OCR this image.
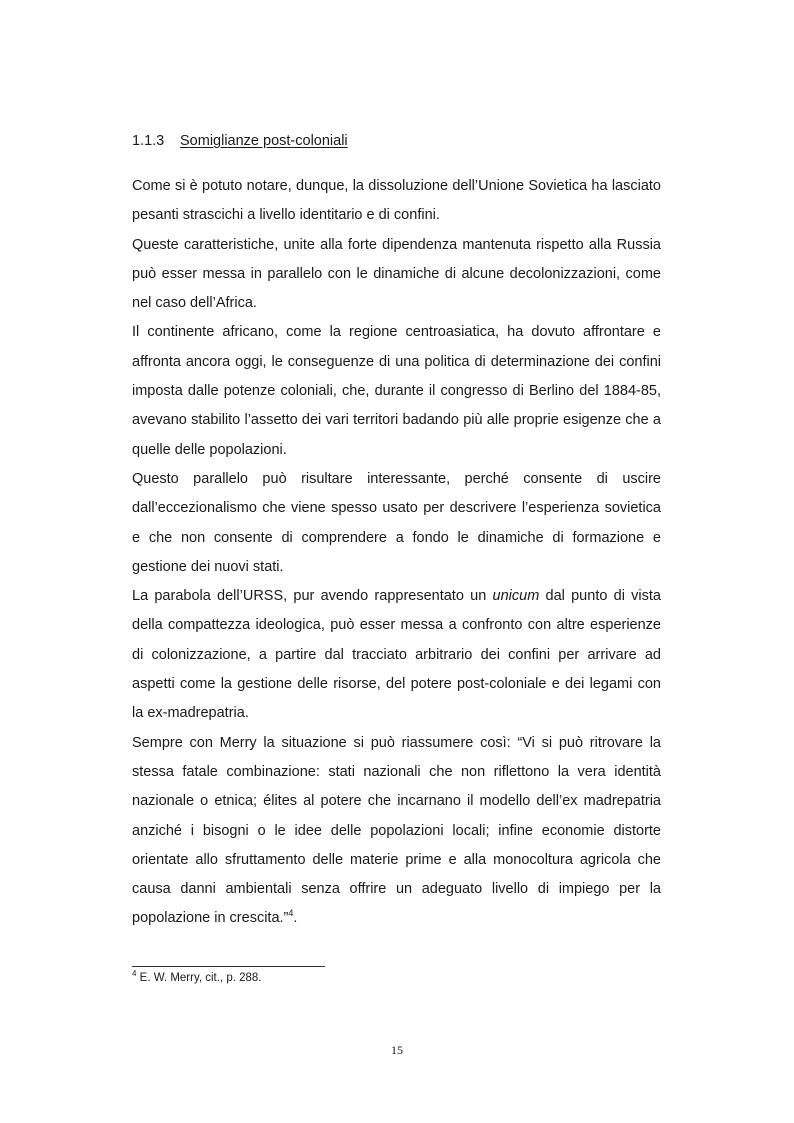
1.1.3 Somiglianze post-coloniali

Come si è potuto notare, dunque, la dissoluzione dell’Unione Sovietica ha lasciato pesanti strascichi a livello identitario e di confini.

Queste caratteristiche, unite alla forte dipendenza mantenuta rispetto alla Russia può esser messa in parallelo con le dinamiche di alcune decolonizzazioni, come nel caso dell’Africa.

Il continente africano, come la regione centroasiatica, ha dovuto affrontare e affronta ancora oggi, le conseguenze di una politica di determinazione dei confini imposta dalle potenze coloniali, che, durante il congresso di Berlino del 1884-85, avevano stabilito l’assetto dei vari territori badando più alle proprie esigenze che a quelle delle popolazioni.

Questo parallelo può risultare interessante, perché consente di uscire dall’eccezionalismo che viene spesso usato per descrivere l’esperienza sovietica e che non consente di comprendere a fondo le dinamiche di formazione e gestione dei nuovi stati.

La parabola dell’URSS, pur avendo rappresentato un unicum dal punto di vista della compattezza ideologica, può esser messa a confronto con altre esperienze di colonizzazione, a partire dal tracciato arbitrario dei confini per arrivare ad aspetti come la gestione delle risorse, del potere post-coloniale e dei legami con la ex-madrepatria.

Sempre con Merry la situazione si può riassumere così: “Vi si può ritrovare la stessa fatale combinazione: stati nazionali che non riflettono la vera identità nazionale o etnica; élites al potere che incarnano il modello dell’ex madrepatria anziché i bisogni o le idee delle popolazioni locali; infine economie distorte orientate allo sfruttamento delle materie prime e alla monocoltura agricola che causa danni ambientali senza offrire un adeguato livello di impiego per la popolazione in crescita.”$^4$.

$^4$ E. W. Merry, cit., p. 288.
15
